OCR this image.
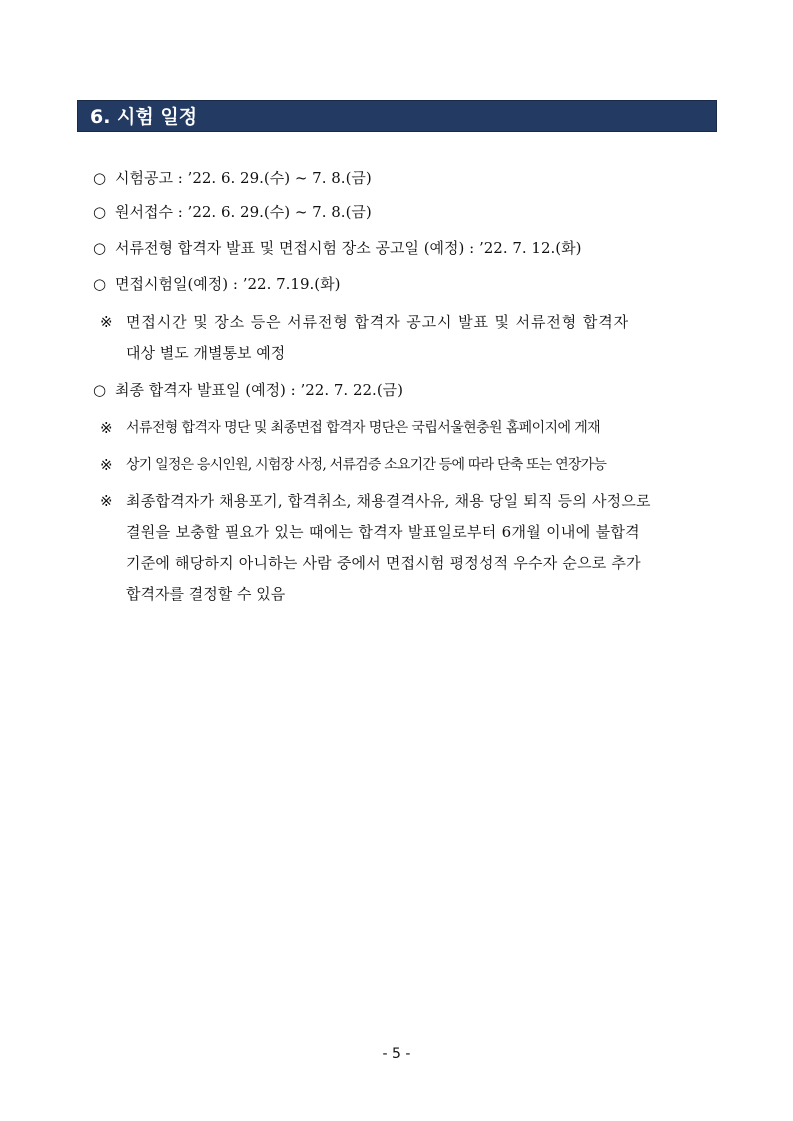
6. 시험 일정
○ 시험공고 : ’22. 6. 29.(수) ~ 7. 8.(금)
○ 원서접수 : ’22. 6. 29.(수) ~ 7. 8.(금)
○ 서류전형 합격자 발표 및 면접시험 장소 공고일 (예정) : ’22. 7. 12.(화)
○ 면접시험일(예정) : ’22. 7.19.(화)
※ 면접시간 및 장소 등은 서류전형 합격자 공고시 발표 및 서류전형 합격자
대상 별도 개별통보 예정
○ 최종 합격자 발표일 (예정) : ’22. 7. 22.(금)
※ 서류전형 합격자 명단 및 최종면접 합격자 명단은 국립서울현충원 홈페이지에 게재
※ 상기 일정은 응시인원, 시험장 사정, 서류검증 소요기간 등에 따라 단축 또는 연장가능
※ 최종합격자가 채용포기, 합격취소, 채용결격사유, 채용 당일 퇴직 등의 사정으로
결원을 보충할 필요가 있는 때에는 합격자 발표일로부터 6개월 이내에 불합격
기준에 해당하지 아니하는 사람 중에서 면접시험 평정성적 우수자 순으로 추가
합격자를 결정할 수 있음
- 5 -
